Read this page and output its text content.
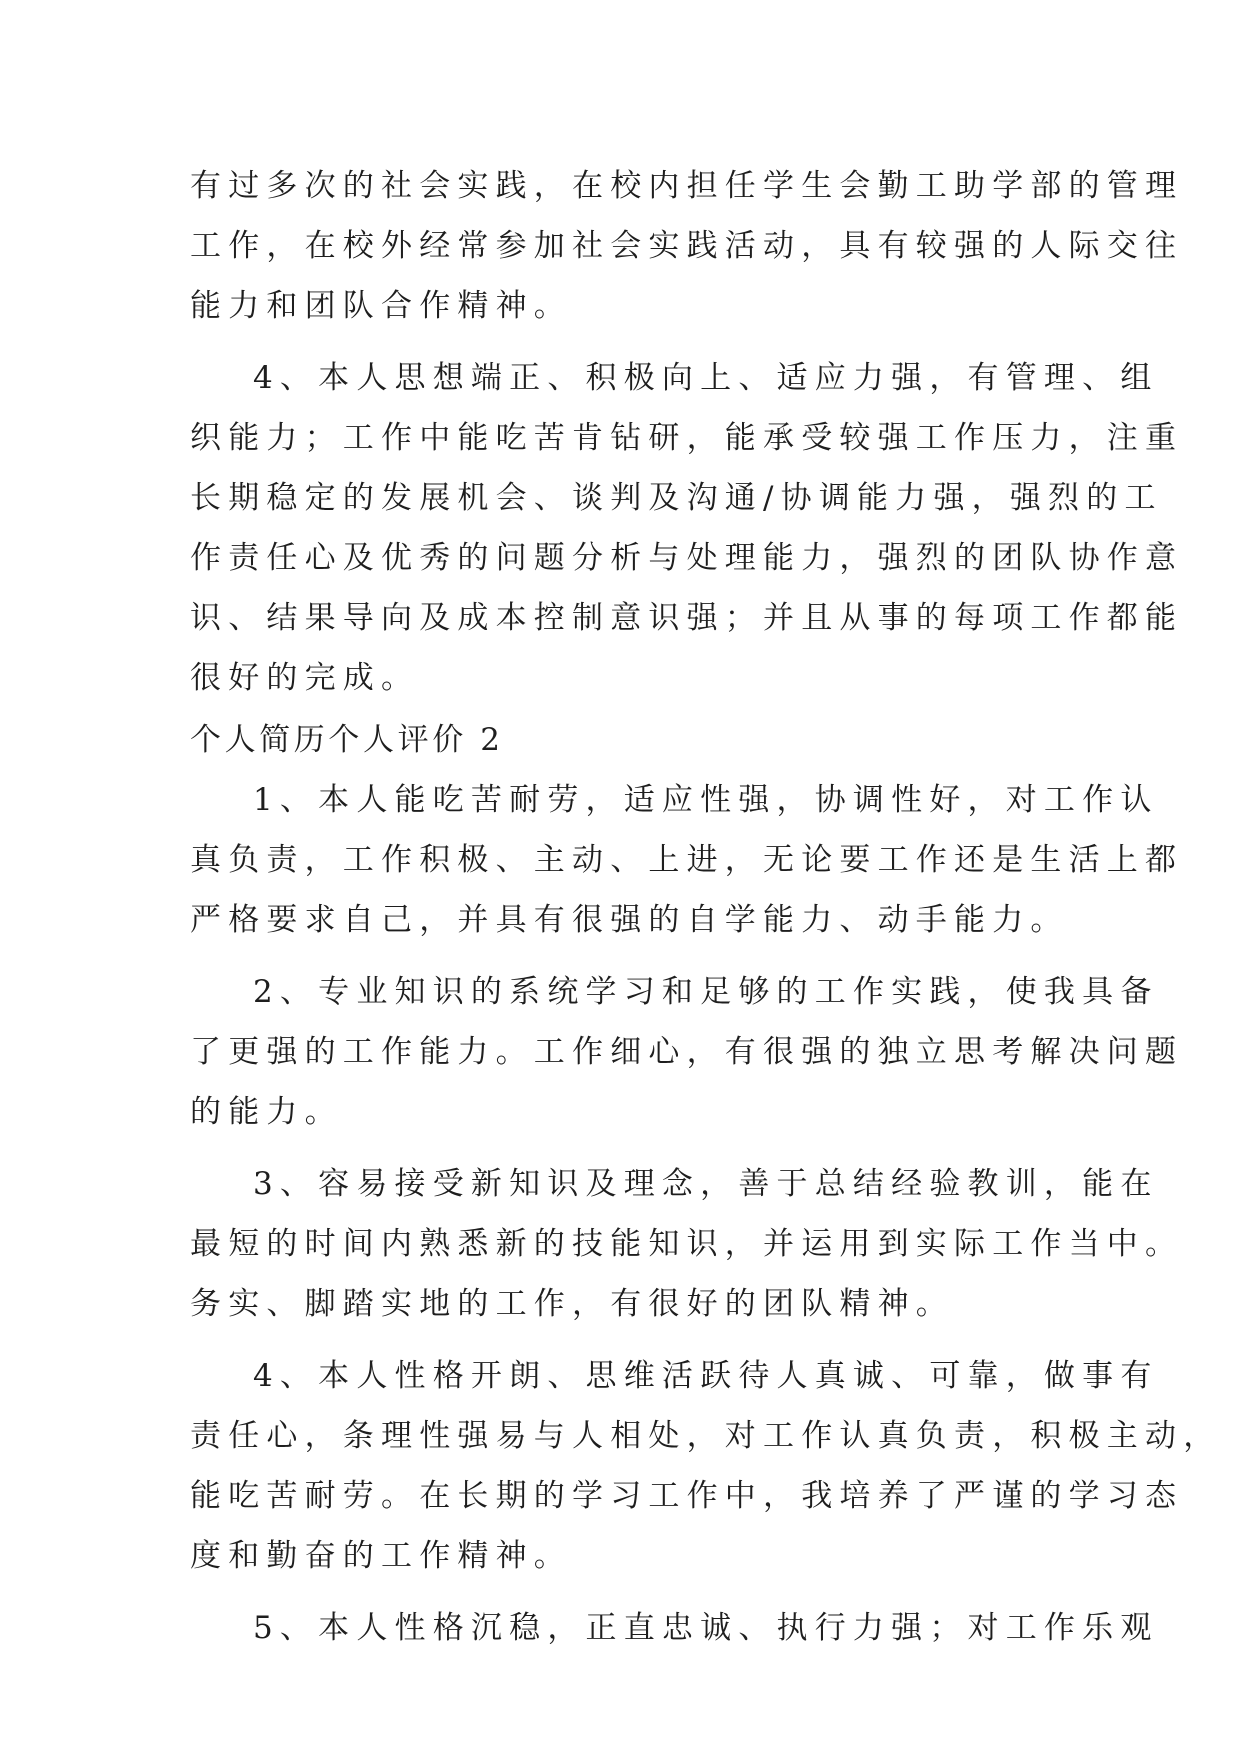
有过多次的社会实践，在校内担任学生会勤工助学部的管理
工作，在校外经常参加社会实践活动，具有较强的人际交往
能力和团队合作精神。
4、本人思想端正、积极向上、适应力强，有管理、组
织能力；工作中能吃苦肯钻研，能承受较强工作压力，注重
长期稳定的发展机会、谈判及沟通/协调能力强，强烈的工
作责任心及优秀的问题分析与处理能力，强烈的团队协作意
识、结果导向及成本控制意识强；并且从事的每项工作都能
很好的完成。
个人简历个人评价 2
1、本人能吃苦耐劳，适应性强，协调性好，对工作认
真负责，工作积极、主动、上进，无论要工作还是生活上都
严格要求自己，并具有很强的自学能力、动手能力。
2、专业知识的系统学习和足够的工作实践，使我具备
了更强的工作能力。工作细心，有很强的独立思考解决问题
的能力。
3、容易接受新知识及理念，善于总结经验教训，能在
最短的时间内熟悉新的技能知识，并运用到实际工作当中。
务实、脚踏实地的工作，有很好的团队精神。
4、本人性格开朗、思维活跃待人真诚、可靠，做事有
责任心，条理性强易与人相处，对工作认真负责，积极主动，
能吃苦耐劳。在长期的学习工作中，我培养了严谨的学习态
度和勤奋的工作精神。
5、本人性格沉稳，正直忠诚、执行力强；对工作乐观
